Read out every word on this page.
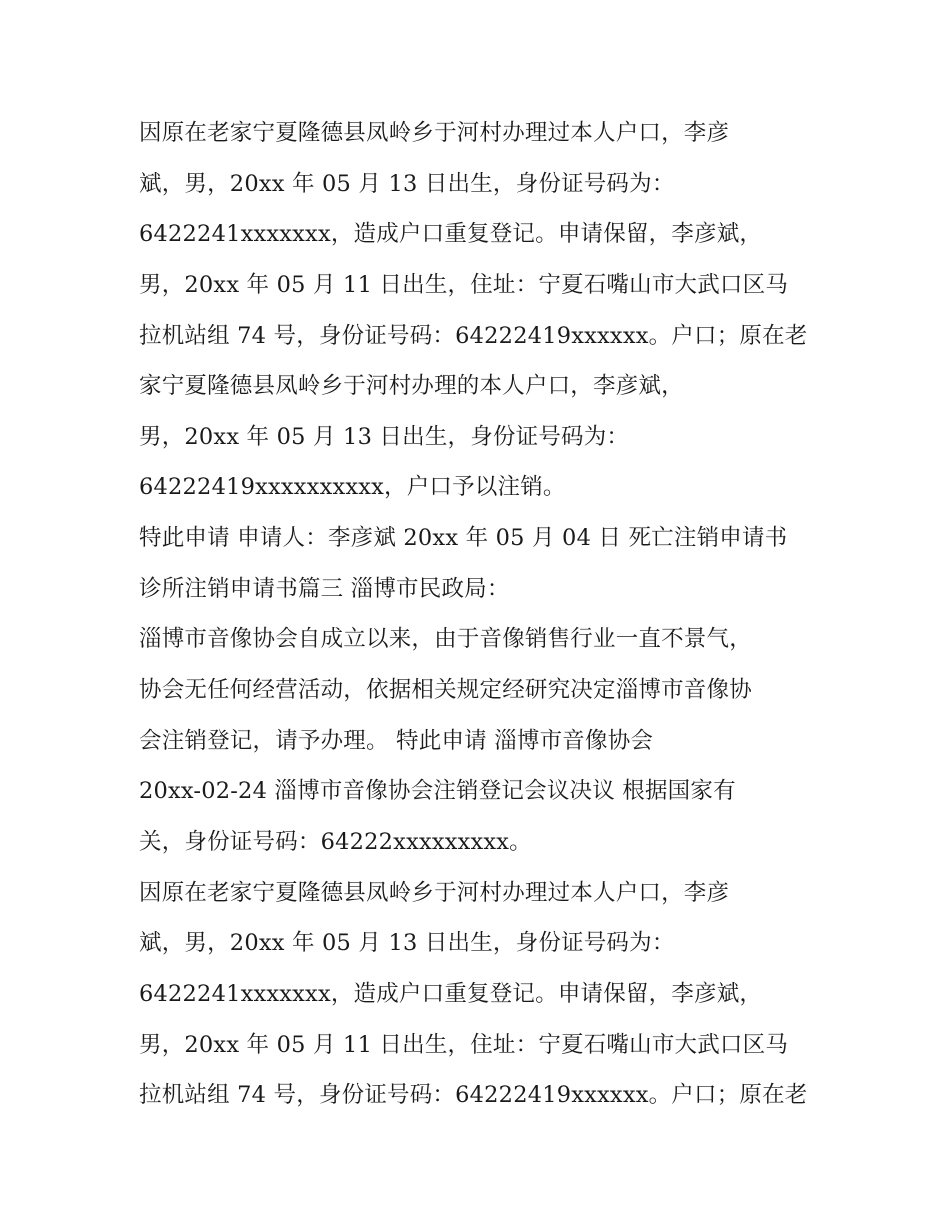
因原在老家宁夏隆德县凤岭乡于河村办理过本人户口，李彦
斌，男，20xx 年 05 月 13 日出生，身份证号码为：
6422241xxxxxxx，造成户口重复登记。申请保留，李彦斌，
男，20xx 年 05 月 11 日出生，住址：宁夏石嘴山市大武口区马
拉机站组 74 号，身份证号码：64222419xxxxxx。户口；原在老
家宁夏隆德县凤岭乡于河村办理的本人户口，李彦斌，
男，20xx 年 05 月 13 日出生，身份证号码为：
64222419xxxxxxxxxx，户口予以注销。
特此申请 申请人：李彦斌 20xx 年 05 月 04 日 死亡注销申请书
诊所注销申请书篇三 淄博市民政局：
淄博市音像协会自成立以来，由于音像销售行业一直不景气，
协会无任何经营活动，依据相关规定经研究决定淄博市音像协
会注销登记，请予办理。 特此申请 淄博市音像协会
20xx-02-24 淄博市音像协会注销登记会议决议 根据国家有
关，身份证号码：64222xxxxxxxxx。
因原在老家宁夏隆德县凤岭乡于河村办理过本人户口，李彦
斌，男，20xx 年 05 月 13 日出生，身份证号码为：
6422241xxxxxxx，造成户口重复登记。申请保留，李彦斌，
男，20xx 年 05 月 11 日出生，住址：宁夏石嘴山市大武口区马
拉机站组 74 号，身份证号码：64222419xxxxxx。户口；原在老
